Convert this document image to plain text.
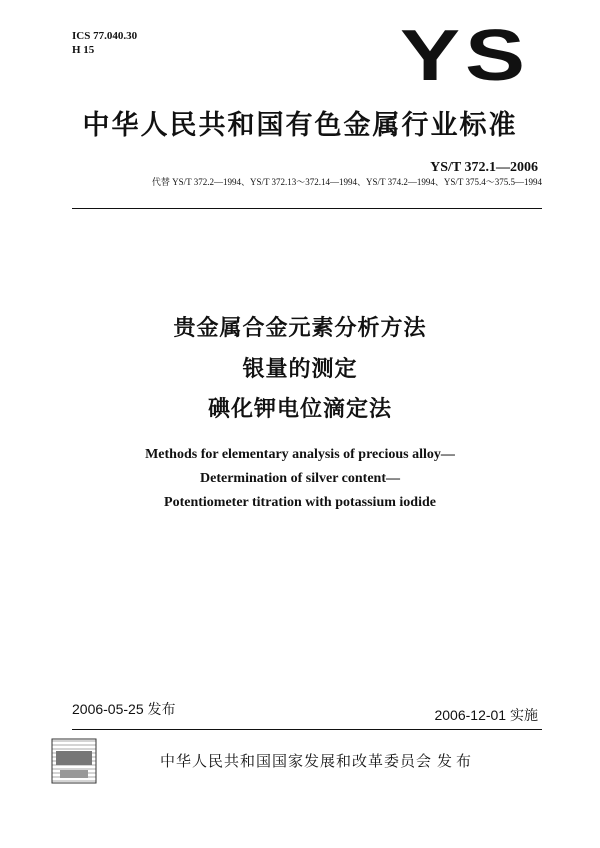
ICS 77.040.30
H 15	YS
中华人民共和国有色金属行业标准
YS/T 372.1—2006
代替 YS/T 372.2—1994、YS/T 372.13～372.14—1994、YS/T 374.2—1994、YS/T 375.4～375.5—1994
贵金属合金元素分析方法
银量的测定
碘化钾电位滴定法
Methods for elementary analysis of precious alloy—
Determination of silver content—
Potentiometer titration with potassium iodide
2006-05-25 发布	2006-12-01 实施
中华人民共和国国家发展和改革委员会 发布
